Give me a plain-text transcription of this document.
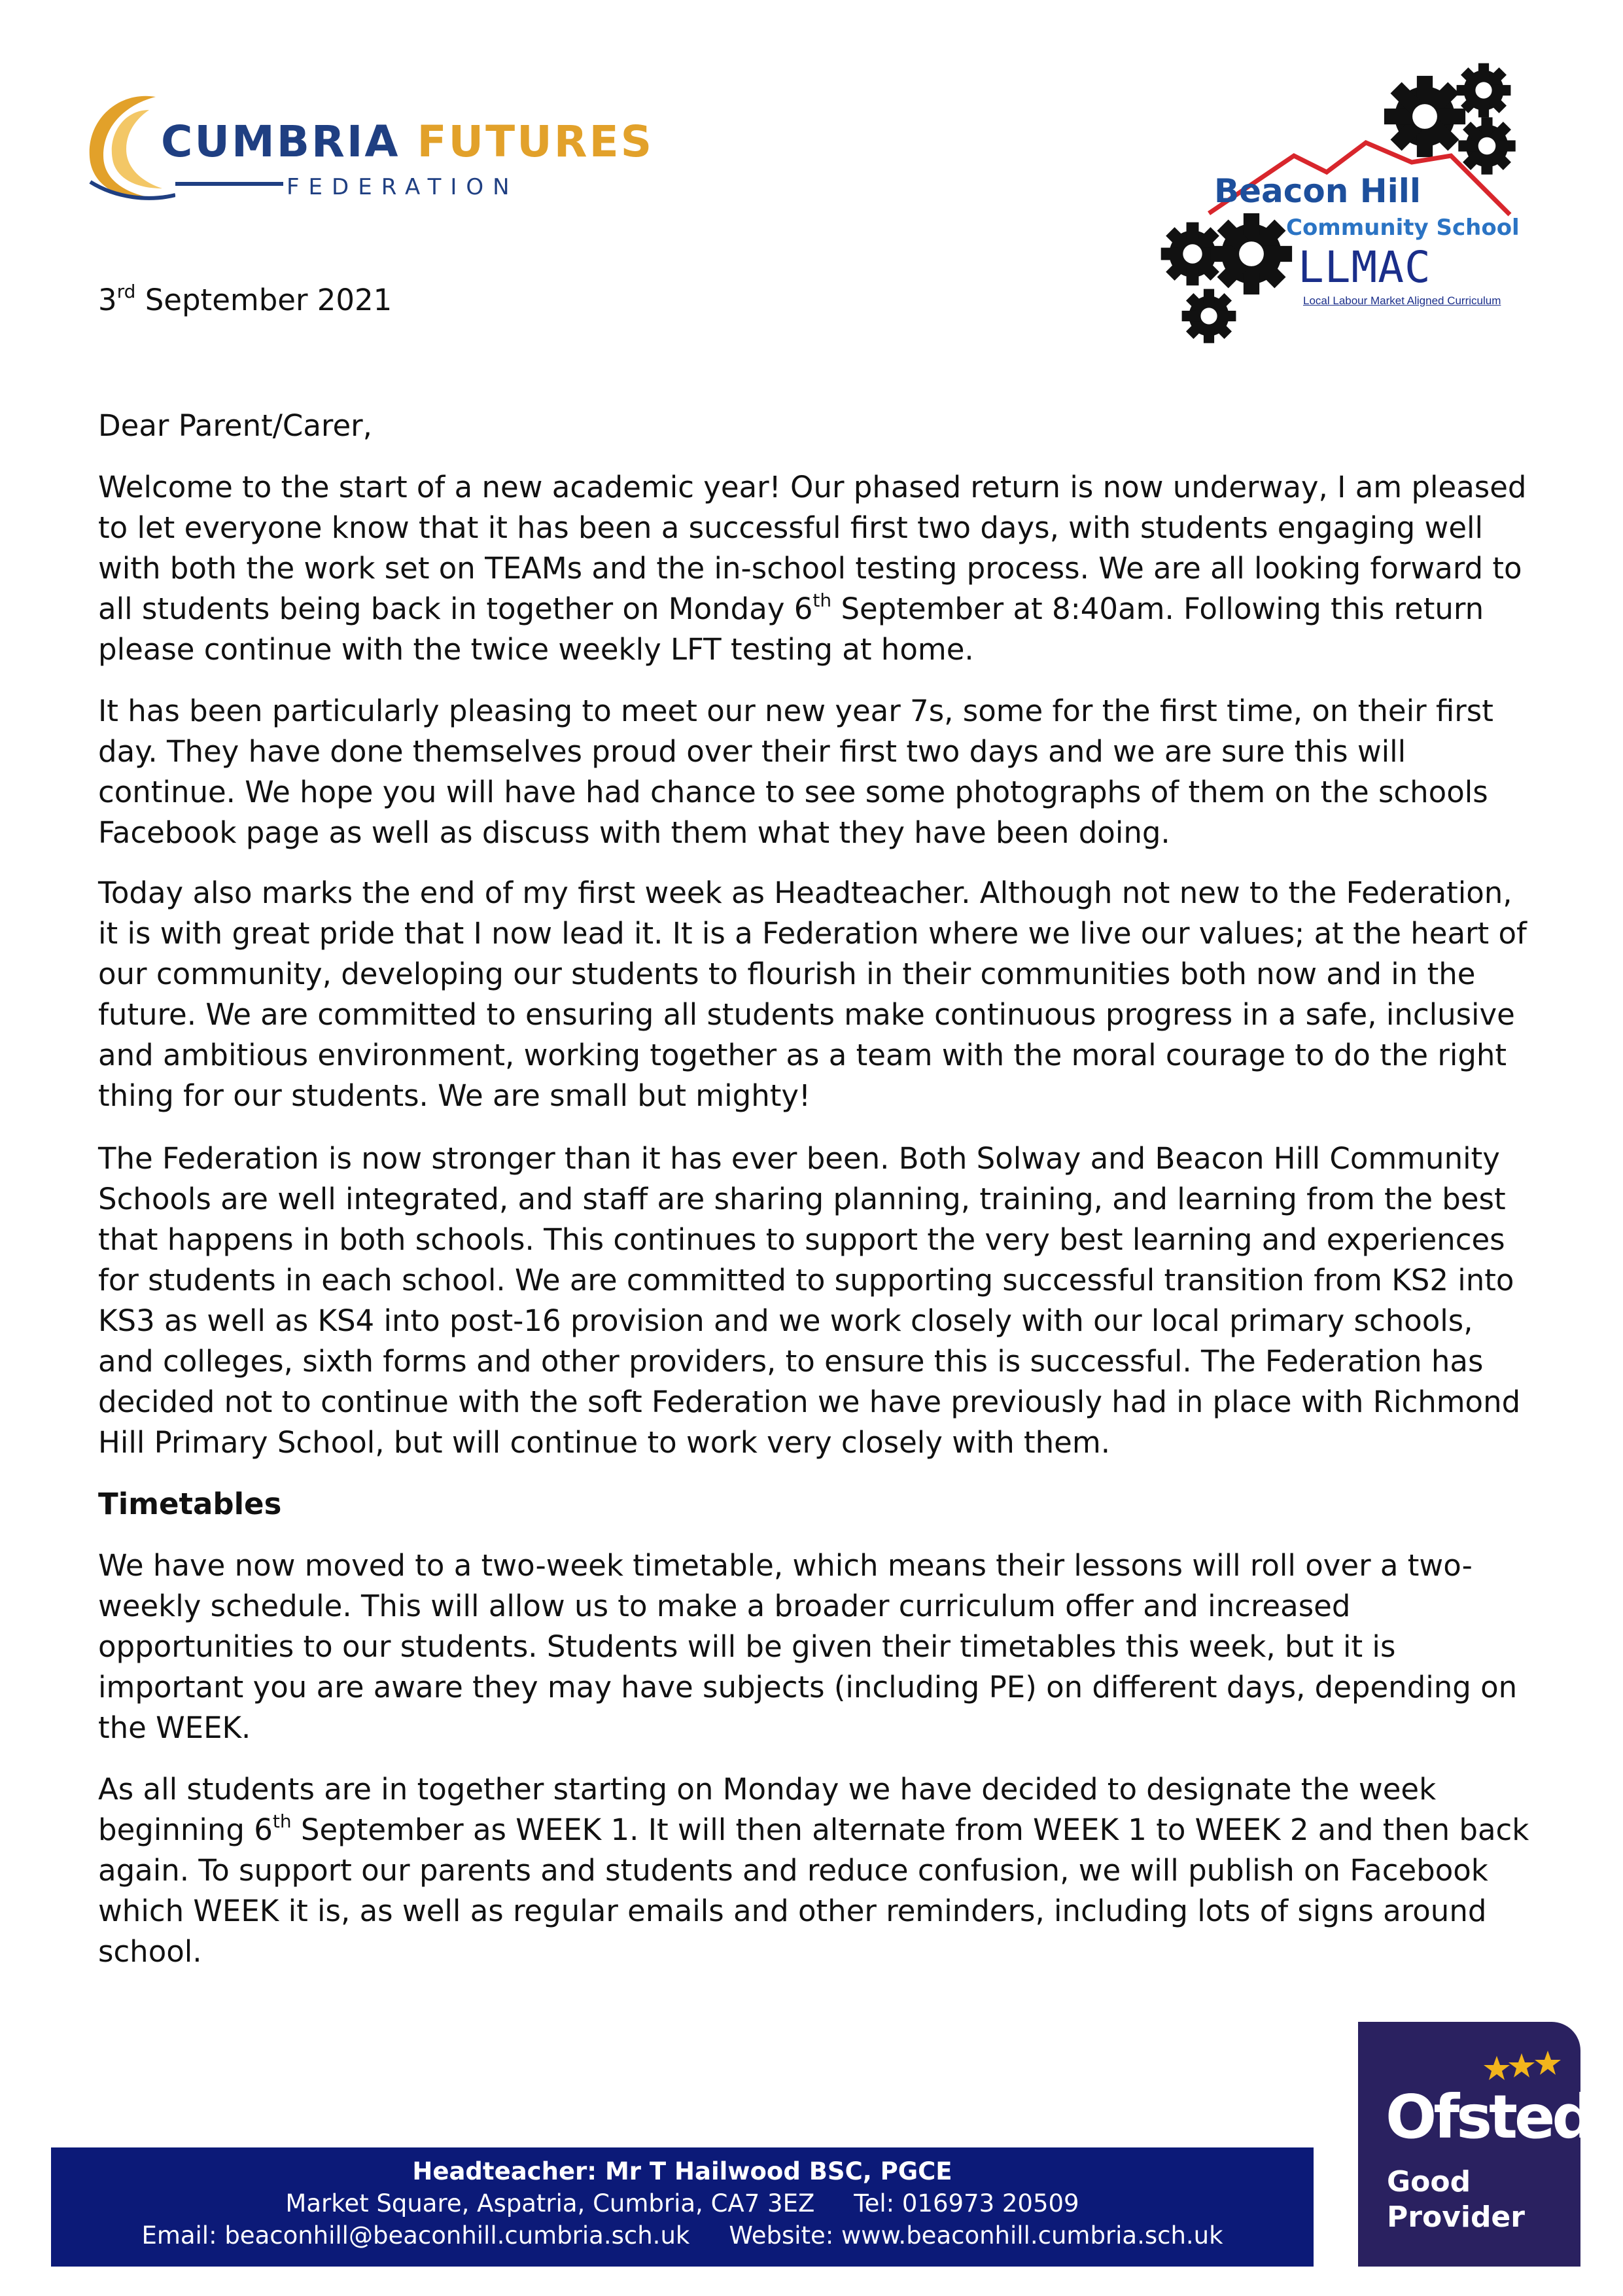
CUMBRIA FUTURES
FEDERATION	Beacon Hill
Community School
LLMAC
Local Labour Market Aligned Curriculum
3rd September 2021
Dear Parent/Carer,

Welcome to the start of a new academic year! Our phased return is now underway, I am pleased to let everyone know that it has been a successful first two days, with students engaging well with both the work set on TEAMs and the in-school testing process. We are all looking forward to all students being back in together on Monday 6th September at 8:40am. Following this return please continue with the twice weekly LFT testing at home.

It has been particularly pleasing to meet our new year 7s, some for the first time, on their first day. They have done themselves proud over their first two days and we are sure this will continue. We hope you will have had chance to see some photographs of them on the schools Facebook page as well as discuss with them what they have been doing.

Today also marks the end of my first week as Headteacher. Although not new to the Federation, it is with great pride that I now lead it. It is a Federation where we live our values; at the heart of our community, developing our students to flourish in their communities both now and in the future. We are committed to ensuring all students make continuous progress in a safe, inclusive and ambitious environment, working together as a team with the moral courage to do the right thing for our students. We are small but mighty!

The Federation is now stronger than it has ever been. Both Solway and Beacon Hill Community Schools are well integrated, and staff are sharing planning, training, and learning from the best that happens in both schools. This continues to support the very best learning and experiences for students in each school. We are committed to supporting successful transition from KS2 into KS3 as well as KS4 into post-16 provision and we work closely with our local primary schools, and colleges, sixth forms and other providers, to ensure this is successful. The Federation has decided not to continue with the soft Federation we have previously had in place with Richmond Hill Primary School, but will continue to work very closely with them.

Timetables

We have now moved to a two-week timetable, which means their lessons will roll over a two-weekly schedule. This will allow us to make a broader curriculum offer and increased opportunities to our students. Students will be given their timetables this week, but it is important you are aware they may have subjects (including PE) on different days, depending on the WEEK.

As all students are in together starting on Monday we have decided to designate the week beginning 6th September as WEEK 1. It will then alternate from WEEK 1 to WEEK 2 and then back again. To support our parents and students and reduce confusion, we will publish on Facebook which WEEK it is, as well as regular emails and other reminders, including lots of signs around school.

Headteacher: Mr T Hailwood BSC, PGCE
Market Square, Aspatria, Cumbria, CA7 3EZ Tel: 016973 20509
Email: beaconhill@beaconhill.cumbria.sch.uk Website: www.beaconhill.cumbria.sch.uk
Ofsted
Good
Provider
